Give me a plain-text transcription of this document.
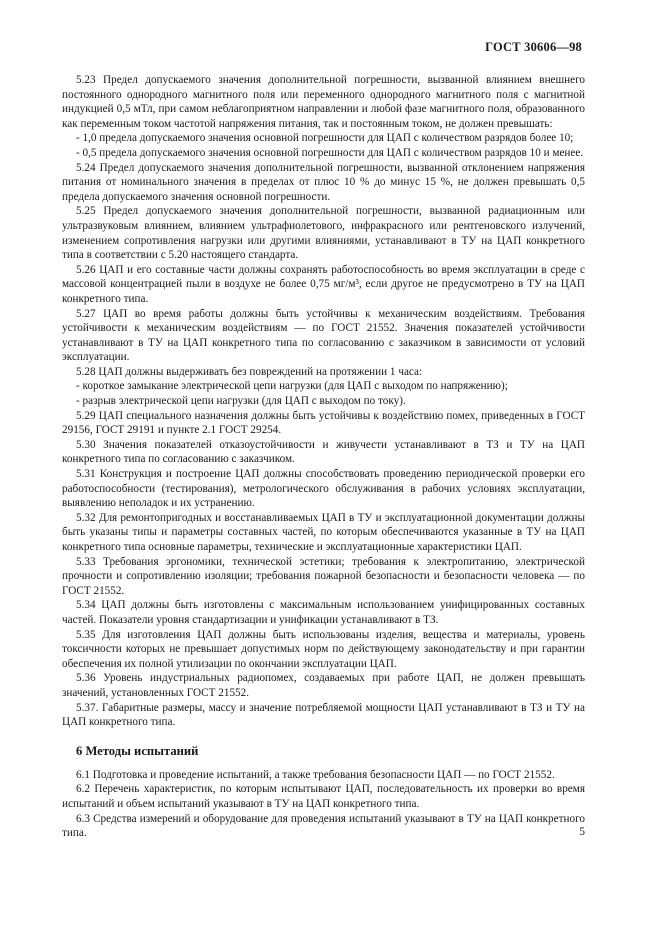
ГОСТ 30606—98

5.23 Предел допускаемого значения дополнительной погрешности, вызванной влиянием внешнего постоянного однородного магнитного поля или переменного однородного магнитного поля с магнитной индукцией 0,5 мТл, при самом неблагоприятном направлении и любой фазе магнитного поля, образованного как переменным током частотой напряжения питания, так и постоянным током, не должен превышать:

- 1,0 предела допускаемого значения основной погрешности для ЦАП с количеством разрядов более 10;

- 0,5 предела допускаемого значения основной погрешности для ЦАП с количеством разрядов 10 и менее.

5.24 Предел допускаемого значения дополнительной погрешности, вызванной отклонением напряжения питания от номинального значения в пределах от плюс 10 % до минус 15 %, не должен превышать 0,5 предела допускаемого значения основной погрешности.

5.25 Предел допускаемого значения дополнительной погрешности, вызванной радиационным или ультразвуковым влиянием, влиянием ультрафиолетового, инфракрасного или рентгеновского излучений, изменением сопротивления нагрузки или другими влияниями, устанавливают в ТУ на ЦАП конкретного типа в соответствии с 5.20 настоящего стандарта.

5.26 ЦАП и его составные части должны сохранять работоспособность во время эксплуатации в среде с массовой концентрацией пыли в воздухе не более 0,75 мг/м³, если другое не предусмотрено в ТУ на ЦАП конкретного типа.

5.27 ЦАП во время работы должны быть устойчивы к механическим воздействиям. Требования устойчивости к механическим воздействиям — по ГОСТ 21552. Значения показателей устойчивости устанавливают в ТУ на ЦАП конкретного типа по согласованию с заказчиком в зависимости от условий эксплуатации.

5.28 ЦАП должны выдерживать без повреждений на протяжении 1 часа:

- короткое замыкание электрической цепи нагрузки (для ЦАП с выходом по напряжению);

- разрыв электрической цепи нагрузки (для ЦАП с выходом по току).

5.29 ЦАП специального назначения должны быть устойчивы к воздействию помех, приведенных в ГОСТ 29156, ГОСТ 29191 и пункте 2.1 ГОСТ 29254.

5.30 Значения показателей отказоустойчивости и живучести устанавливают в ТЗ и ТУ на ЦАП конкретного типа по согласованию с заказчиком.

5.31 Конструкция и построение ЦАП должны способствовать проведению периодической проверки его работоспособности (тестирования), метрологического обслуживания в рабочих условиях эксплуатации, выявлению неполадок и их устранению.

5.32 Для ремонтопригодных и восстанавливаемых ЦАП в ТУ и эксплуатационной документации должны быть указаны типы и параметры составных частей, по которым обеспечиваются указанные в ТУ на ЦАП конкретного типа основные параметры, технические и эксплуатационные характеристики ЦАП.

5.33 Требования эргономики, технической эстетики; требования к электропитанию, электрической прочности и сопротивлению изоляции; требования пожарной безопасности и безопасности человека — по ГОСТ 21552.

5.34 ЦАП должны быть изготовлены с максимальным использованием унифицированных составных частей. Показатели уровня стандартизации и унификации устанавливают в ТЗ.

5.35 Для изготовления ЦАП должны быть использованы изделия, вещества и материалы, уровень токсичности которых не превышает допустимых норм по действующему законодательству и при гарантии обеспечения их полной утилизации по окончании эксплуатации ЦАП.

5.36 Уровень индустриальных радиопомех, создаваемых при работе ЦАП, не должен превышать значений, установленных ГОСТ 21552.

5.37. Габаритные размеры, массу и значение потребляемой мощности ЦАП устанавливают в ТЗ и ТУ на ЦАП конкретного типа.

6 Методы испытаний

6.1 Подготовка и проведение испытаний, а также требования безопасности ЦАП — по ГОСТ 21552.

6.2 Перечень характеристик, по которым испытывают ЦАП, последовательность их проверки во время испытаний и объем испытаний указывают в ТУ на ЦАП конкретного типа.

6.3 Средства измерений и оборудование для проведения испытаний указывают в ТУ на ЦАП конкретного типа.	5
